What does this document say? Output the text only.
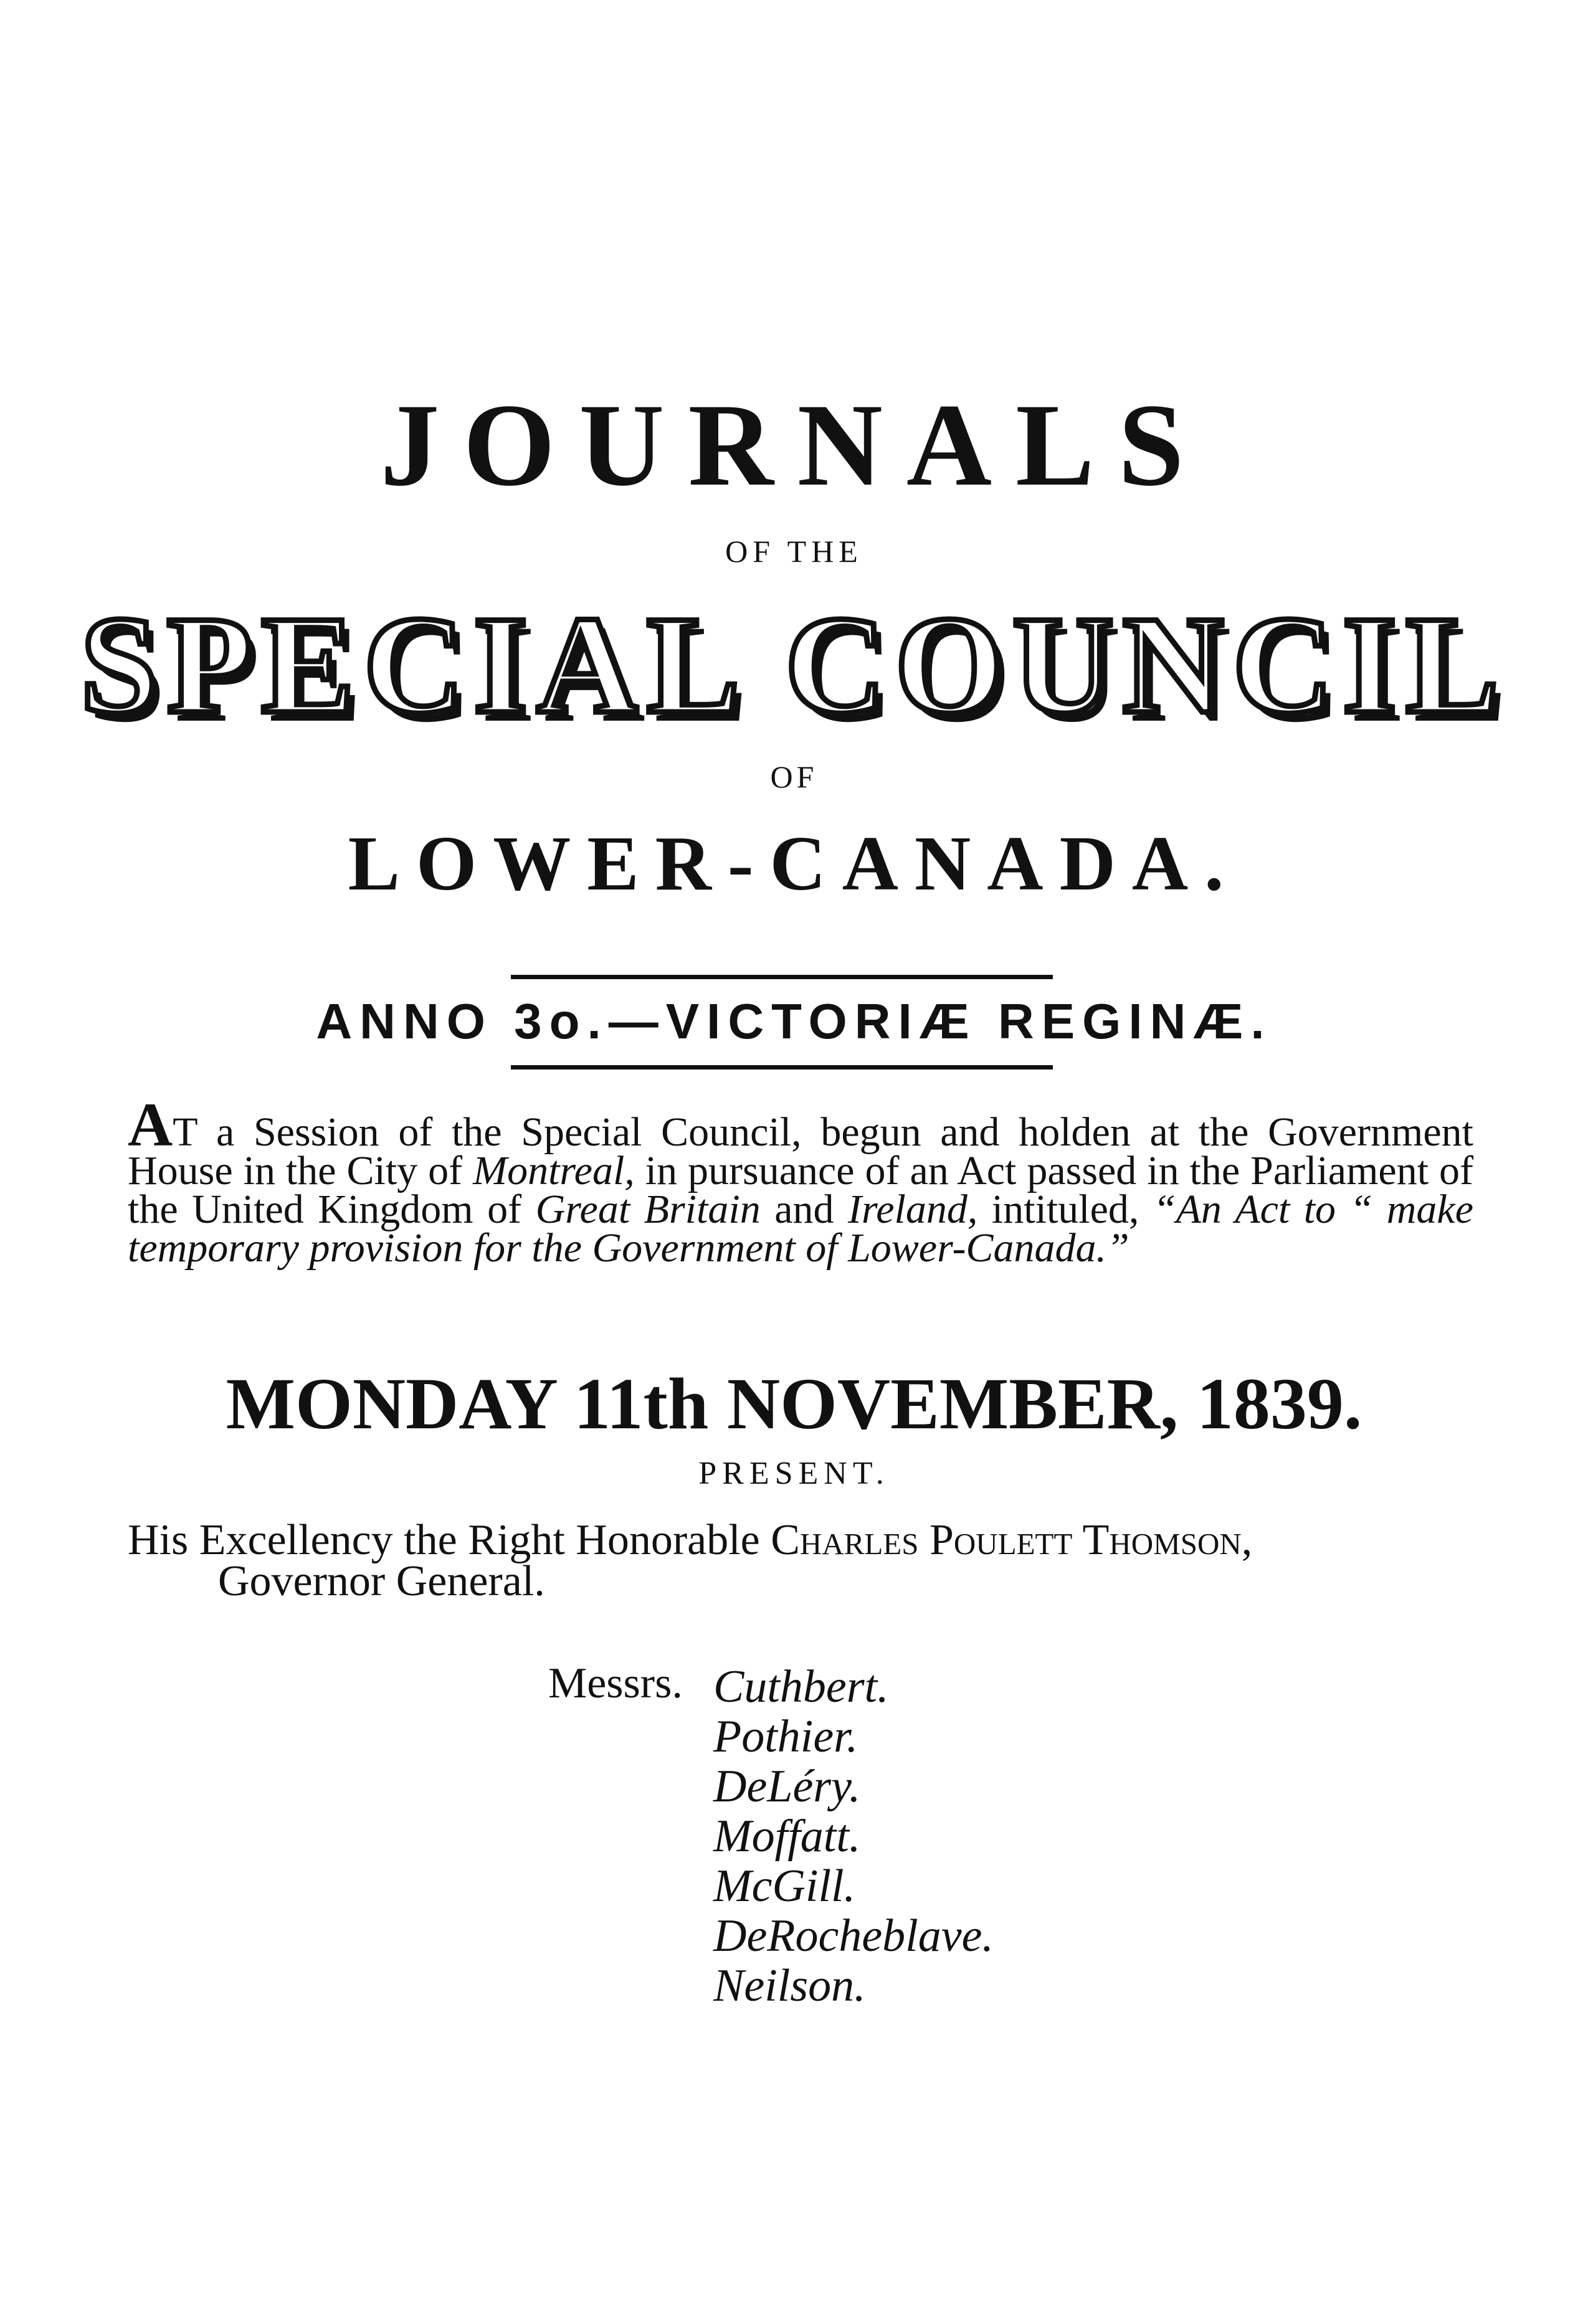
JOURNALS
OF THE
SPECIAL COUNCIL
OF
LOWER-CANADA.
ANNO 3o.—VICTORIÆ REGINÆ.
AT a Session of the Special Council, begun and holden at the Government House in the City of Montreal, in pursuance of an Act passed in the Parliament of the United Kingdom of Great Britain and Ireland, intituled, “An Act to “ make temporary provision for the Government of Lower-Canada.”
MONDAY 11th NOVEMBER, 1839.
PRESENT.
His Excellency the Right Honorable Charles Poulett Thomson,
Governor General.
Messrs. Cuthbert.
Pothier.
DeLéry.
Moffatt.
McGill.
DeRocheblave.
Neilson.
